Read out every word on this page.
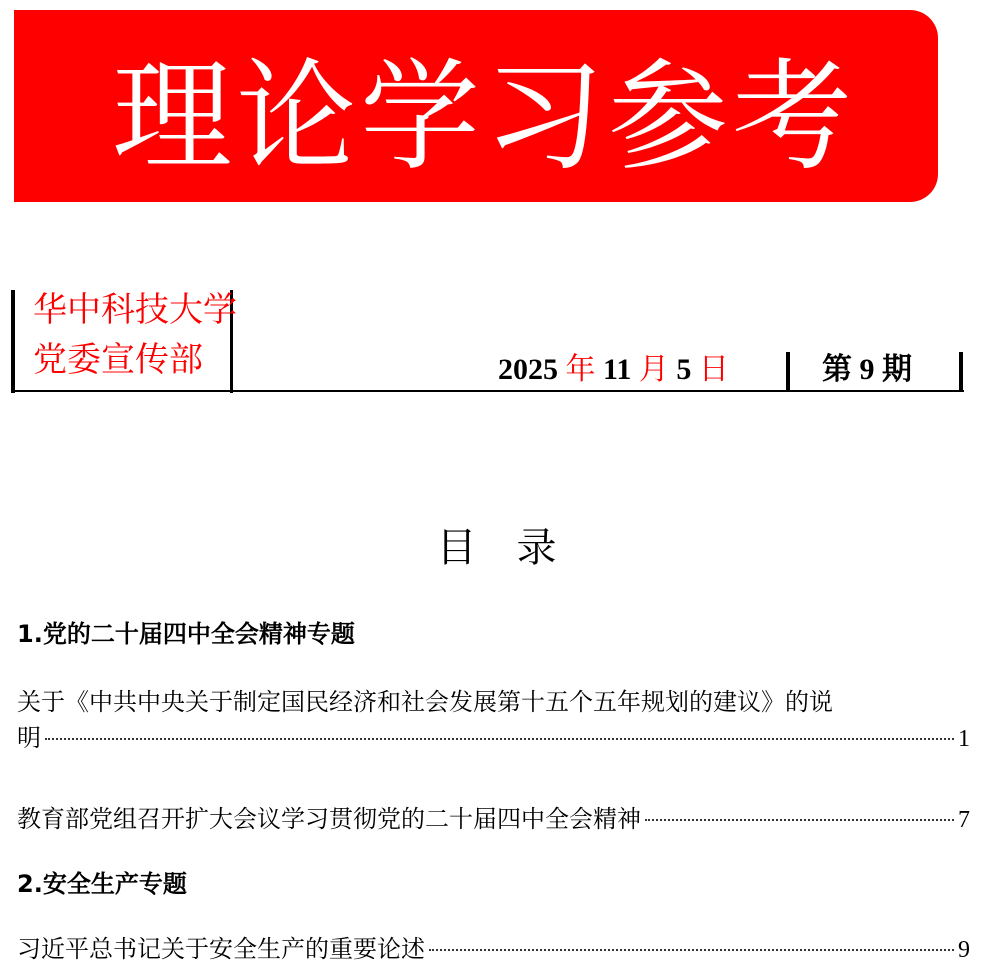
理论学习参考
华中科技大学
党委宣传部	2025 年 11 月 5 日	第 9 期
目录
1.党的二十届四中全会精神专题
关于《中共中央关于制定国民经济和社会发展第十五个五年规划的建议》的说
明	1
教育部党组召开扩大会议学习贯彻党的二十届四中全会精神	7
2.安全生产专题
习近平总书记关于安全生产的重要论述	9
